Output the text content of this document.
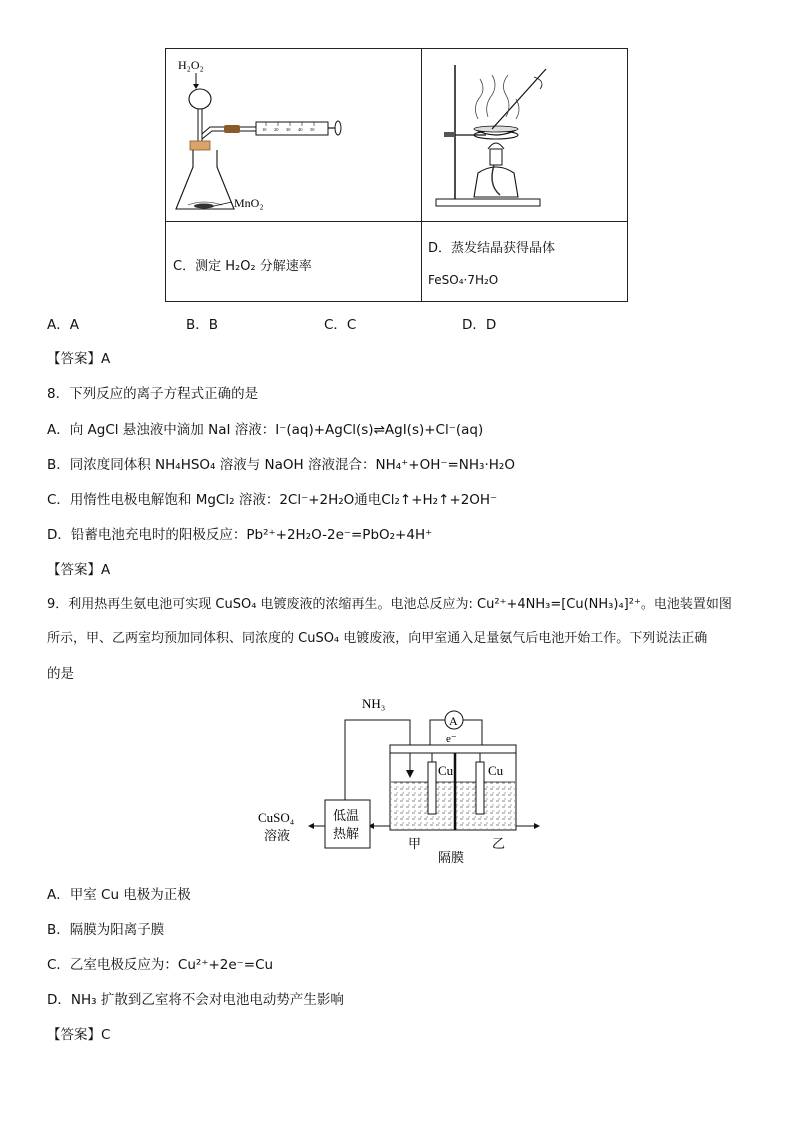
H₂O₂
10 20 30 40 50
MnO₂
C．测定 H₂O₂ 分解速率
D．蒸发结晶获得晶体
FeSO₄·7H₂O
A．A	B．B	C．C	D．D
【答案】A
8．下列反应的离子方程式正确的是
A．向 AgCl 悬浊液中滴加 NaI 溶液：I⁻(aq)+AgCl(s)⇌AgI(s)+Cl⁻(aq)
B．同浓度同体积 NH₄HSO₄ 溶液与 NaOH 溶液混合：NH₄⁺+OH⁻=NH₃·H₂O
C．用惰性电极电解饱和 MgCl₂ 溶液：2Cl⁻+2H₂O通电Cl₂↑+H₂↑+2OH⁻
D．铅蓄电池充电时的阳极反应：Pb²⁺+2H₂O-2e⁻=PbO₂+4H⁺
【答案】A
9．利用热再生氨电池可实现 CuSO₄ 电镀废液的浓缩再生。电池总反应为: Cu²⁺+4NH₃=[Cu(NH₃)₄]²⁺。电池装置如图
所示，甲、乙两室均预加同体积、同浓度的 CuSO₄ 电镀废液，向甲室通入足量氨气后电池开始工作。下列说法正确
的是
NH₃
A
e⁻
Cu	Cu
低温
热解
CuSO₄
溶液
甲	乙
隔膜
A．甲室 Cu 电极为正极
B．隔膜为阳离子膜
C．乙室电极反应为：Cu²⁺+2e⁻=Cu
D．NH₃ 扩散到乙室将不会对电池电动势产生影响
【答案】C
